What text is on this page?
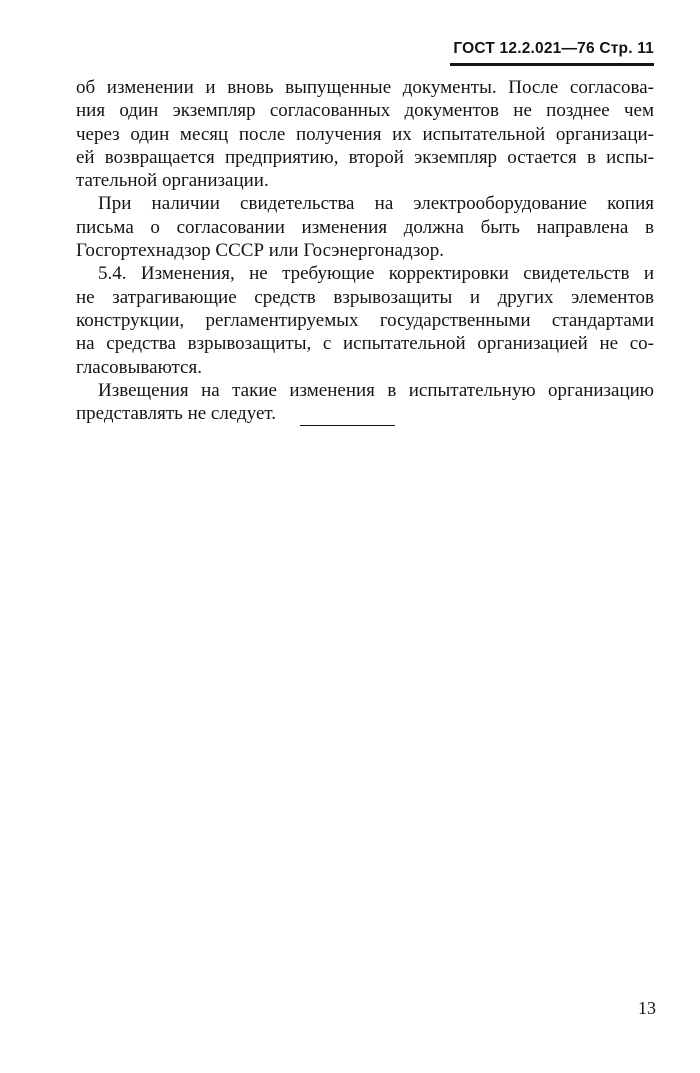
ГОСТ 12.2.021—76 Стр. 11

об изменении и вновь выпущенные документы. После согласова-
ния один экземпляр согласованных документов не позднее чем
через один месяц после получения их испытательной организаци-
ей возвращается предприятию, второй экземпляр остается в испы-
тательной организации.

При наличии свидетельства на электрооборудование копия
письма о согласовании изменения должна быть направлена в
Госгортехнадзор СССР или Госэнергонадзор.

5.4. Изменения, не требующие корректировки свидетельств и
не затрагивающие средств взрывозащиты и других элементов
конструкции, регламентируемых государственными стандартами
на средства взрывозащиты, с испытательной организацией не со-
гласовываются.

Извещения на такие изменения в испытательную организацию
представлять не следует.

13
